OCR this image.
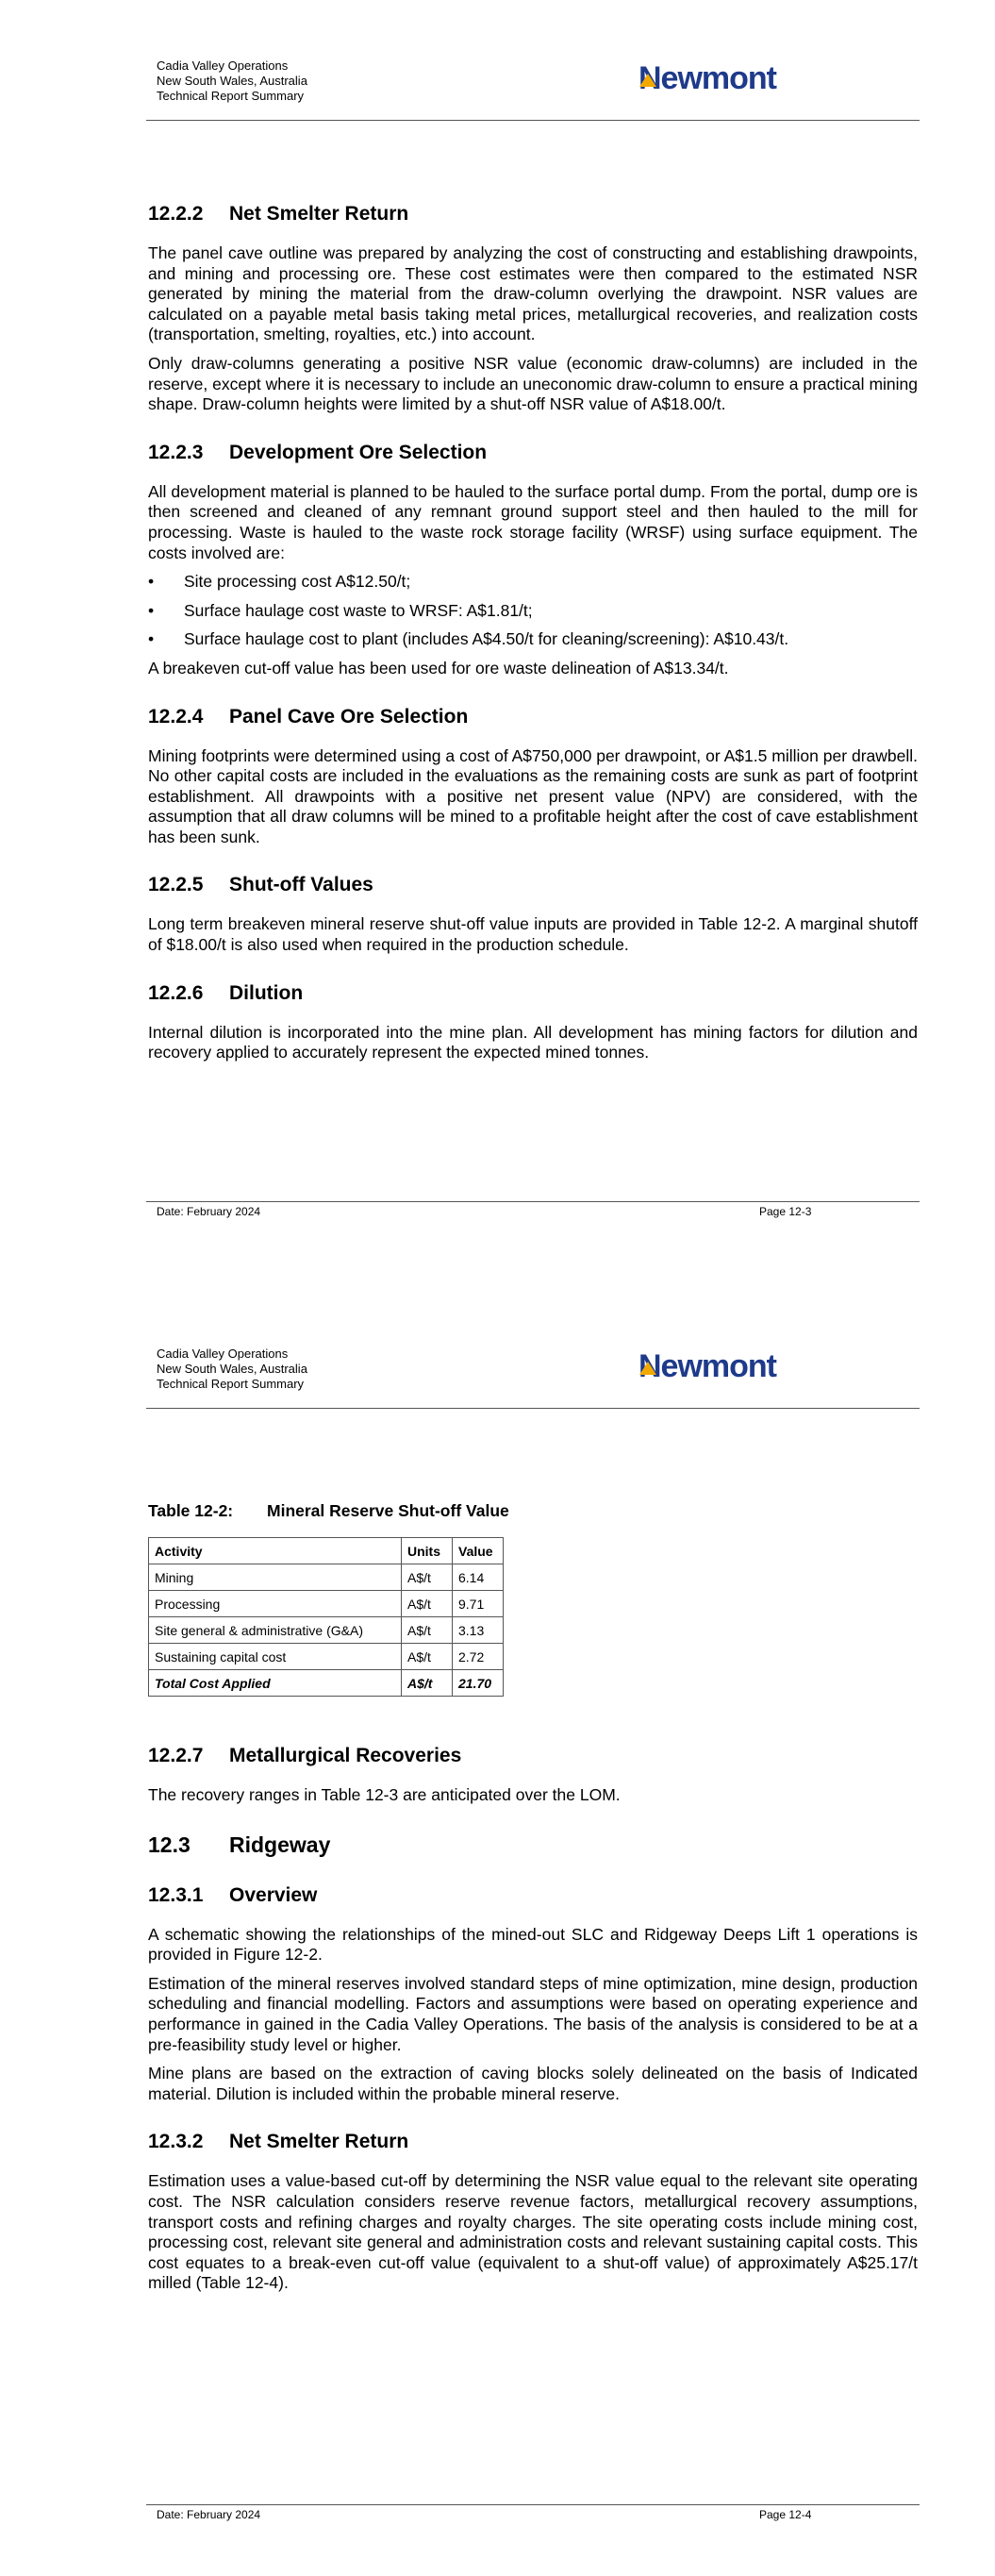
Cadia Valley Operations
New South Wales, Australia
Technical Report Summary	Newmont
12.2.2 Net Smelter Return

The panel cave outline was prepared by analyzing the cost of constructing and establishing drawpoints, and mining and processing ore. These cost estimates were then compared to the estimated NSR generated by mining the material from the draw-column overlying the drawpoint. NSR values are calculated on a payable metal basis taking metal prices, metallurgical recoveries, and realization costs (transportation, smelting, royalties, etc.) into account.

Only draw-columns generating a positive NSR value (economic draw-columns) are included in the reserve, except where it is necessary to include an uneconomic draw-column to ensure a practical mining shape. Draw-column heights were limited by a shut-off NSR value of A$18.00/t.

12.2.3 Development Ore Selection

All development material is planned to be hauled to the surface portal dump. From the portal, dump ore is then screened and cleaned of any remnant ground support steel and then hauled to the mill for processing. Waste is hauled to the waste rock storage facility (WRSF) using surface equipment. The costs involved are:

• Site processing cost A$12.50/t;
• Surface haulage cost waste to WRSF: A$1.81/t;
• Surface haulage cost to plant (includes A$4.50/t for cleaning/screening): A$10.43/t.

A breakeven cut-off value has been used for ore waste delineation of A$13.34/t.

12.2.4 Panel Cave Ore Selection

Mining footprints were determined using a cost of A$750,000 per drawpoint, or A$1.5 million per drawbell. No other capital costs are included in the evaluations as the remaining costs are sunk as part of footprint establishment. All drawpoints with a positive net present value (NPV) are considered, with the assumption that all draw columns will be mined to a profitable height after the cost of cave establishment has been sunk.

12.2.5 Shut-off Values

Long term breakeven mineral reserve shut-off value inputs are provided in Table 12-2. A marginal shutoff of $18.00/t is also used when required in the production schedule.

12.2.6 Dilution

Internal dilution is incorporated into the mine plan. All development has mining factors for dilution and recovery applied to accurately represent the expected mined tonnes.

Date: February 2024	Page 12-3
Cadia Valley Operations
New South Wales, Australia
Technical Report Summary	Newmont
Table 12-2: Mineral Reserve Shut-off Value
Activity	Units	Value
Mining	A$/t	6.14
Processing	A$/t	9.71
Site general & administrative (G&A)	A$/t	3.13
Sustaining capital cost	A$/t	2.72
Total Cost Applied	A$/t	21.70
12.2.7 Metallurgical Recoveries

The recovery ranges in Table 12-3 are anticipated over the LOM.

12.3 Ridgeway
12.3.1 Overview

A schematic showing the relationships of the mined-out SLC and Ridgeway Deeps Lift 1 operations is provided in Figure 12-2.

Estimation of the mineral reserves involved standard steps of mine optimization, mine design, production scheduling and financial modelling. Factors and assumptions were based on operating experience and performance in gained in the Cadia Valley Operations. The basis of the analysis is considered to be at a pre-feasibility study level or higher.

Mine plans are based on the extraction of caving blocks solely delineated on the basis of Indicated material. Dilution is included within the probable mineral reserve.

12.3.2 Net Smelter Return

Estimation uses a value-based cut-off by determining the NSR value equal to the relevant site operating cost. The NSR calculation considers reserve revenue factors, metallurgical recovery assumptions, transport costs and refining charges and royalty charges. The site operating costs include mining cost, processing cost, relevant site general and administration costs and relevant sustaining capital costs. This cost equates to a break-even cut-off value (equivalent to a shut-off value) of approximately A$25.17/t milled (Table 12-4).

Date: February 2024	Page 12-4
